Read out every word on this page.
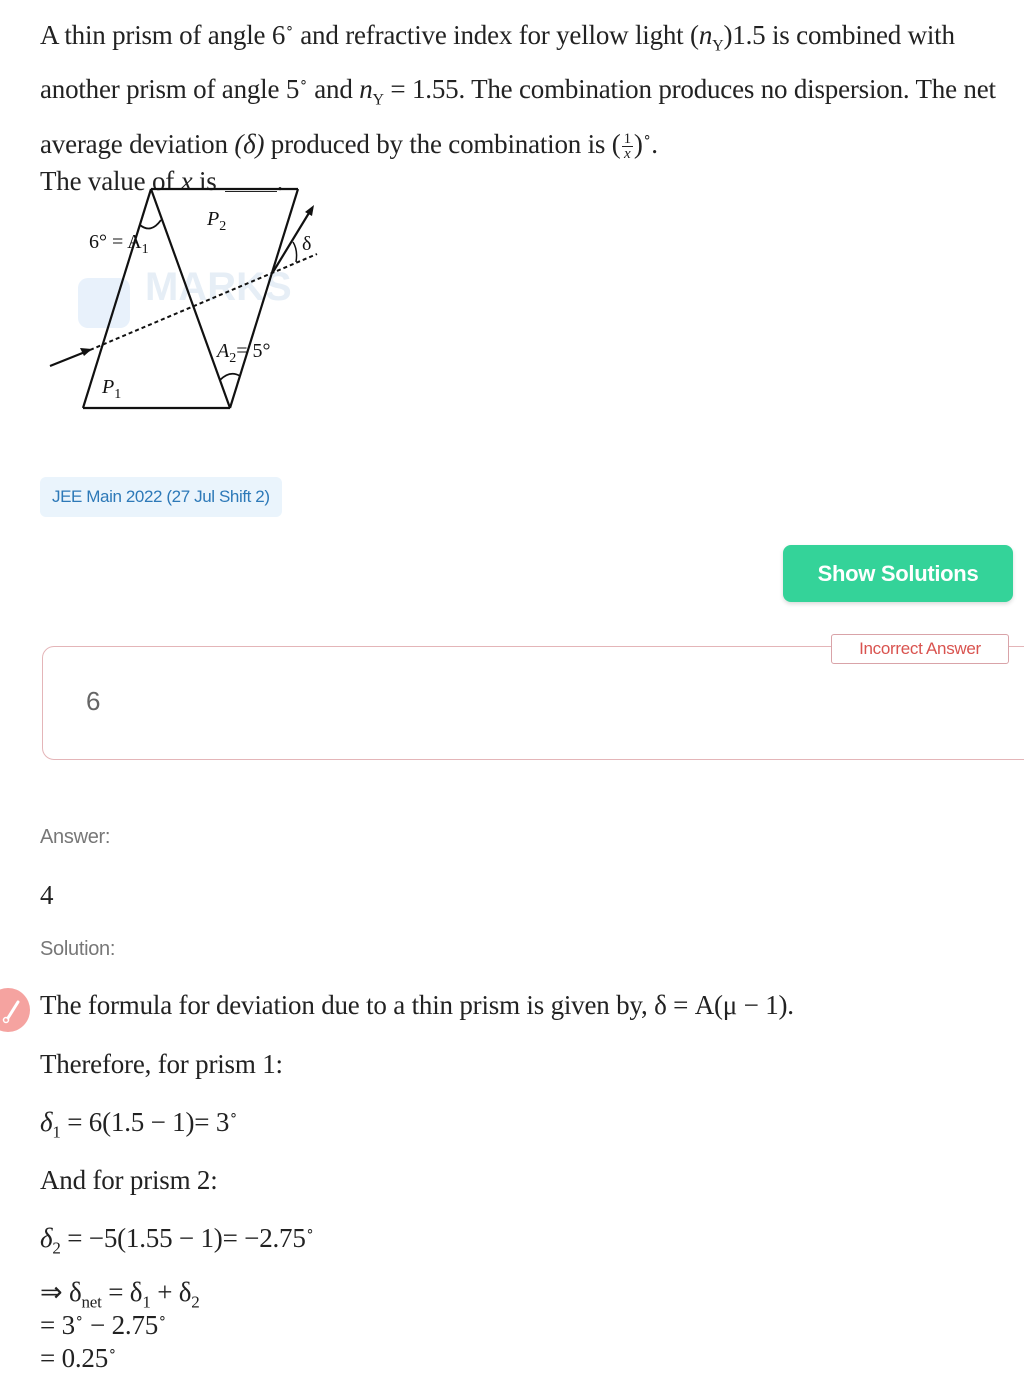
A thin prism of angle 6∘ and refractive index for yellow light $(n_Y)1.5$ is combined with another prism of angle 5∘ and $n_Y = 1.55$. The combination produces no dispersion. The net average deviation (δ) produced by the combination is ( $\frac{1}{x} )^\circ$.
The value of x is .
MARKS
$P_2$
$6^\circ = A_1$	δ
$A_2= 5^\circ$
$P_1$
JEE Main 2022 (27 Jul Shift 2)
Show Solutions
6
Incorrect Answer
Answer:
4
Solution:
The formula for deviation due to a thin prism is given by, δ = A(μ − 1).
Therefore, for prism 1:
$\delta_1 = 6(1.5 - 1)= 3^\circ$
And for prism 2:
$\delta_2 = -5(1.55 - 1)= -2.75^\circ$
⇒ $\delta_{net} = \delta_1 + \delta_2$
= 3∘ − 2.75∘
= 0.25∘
